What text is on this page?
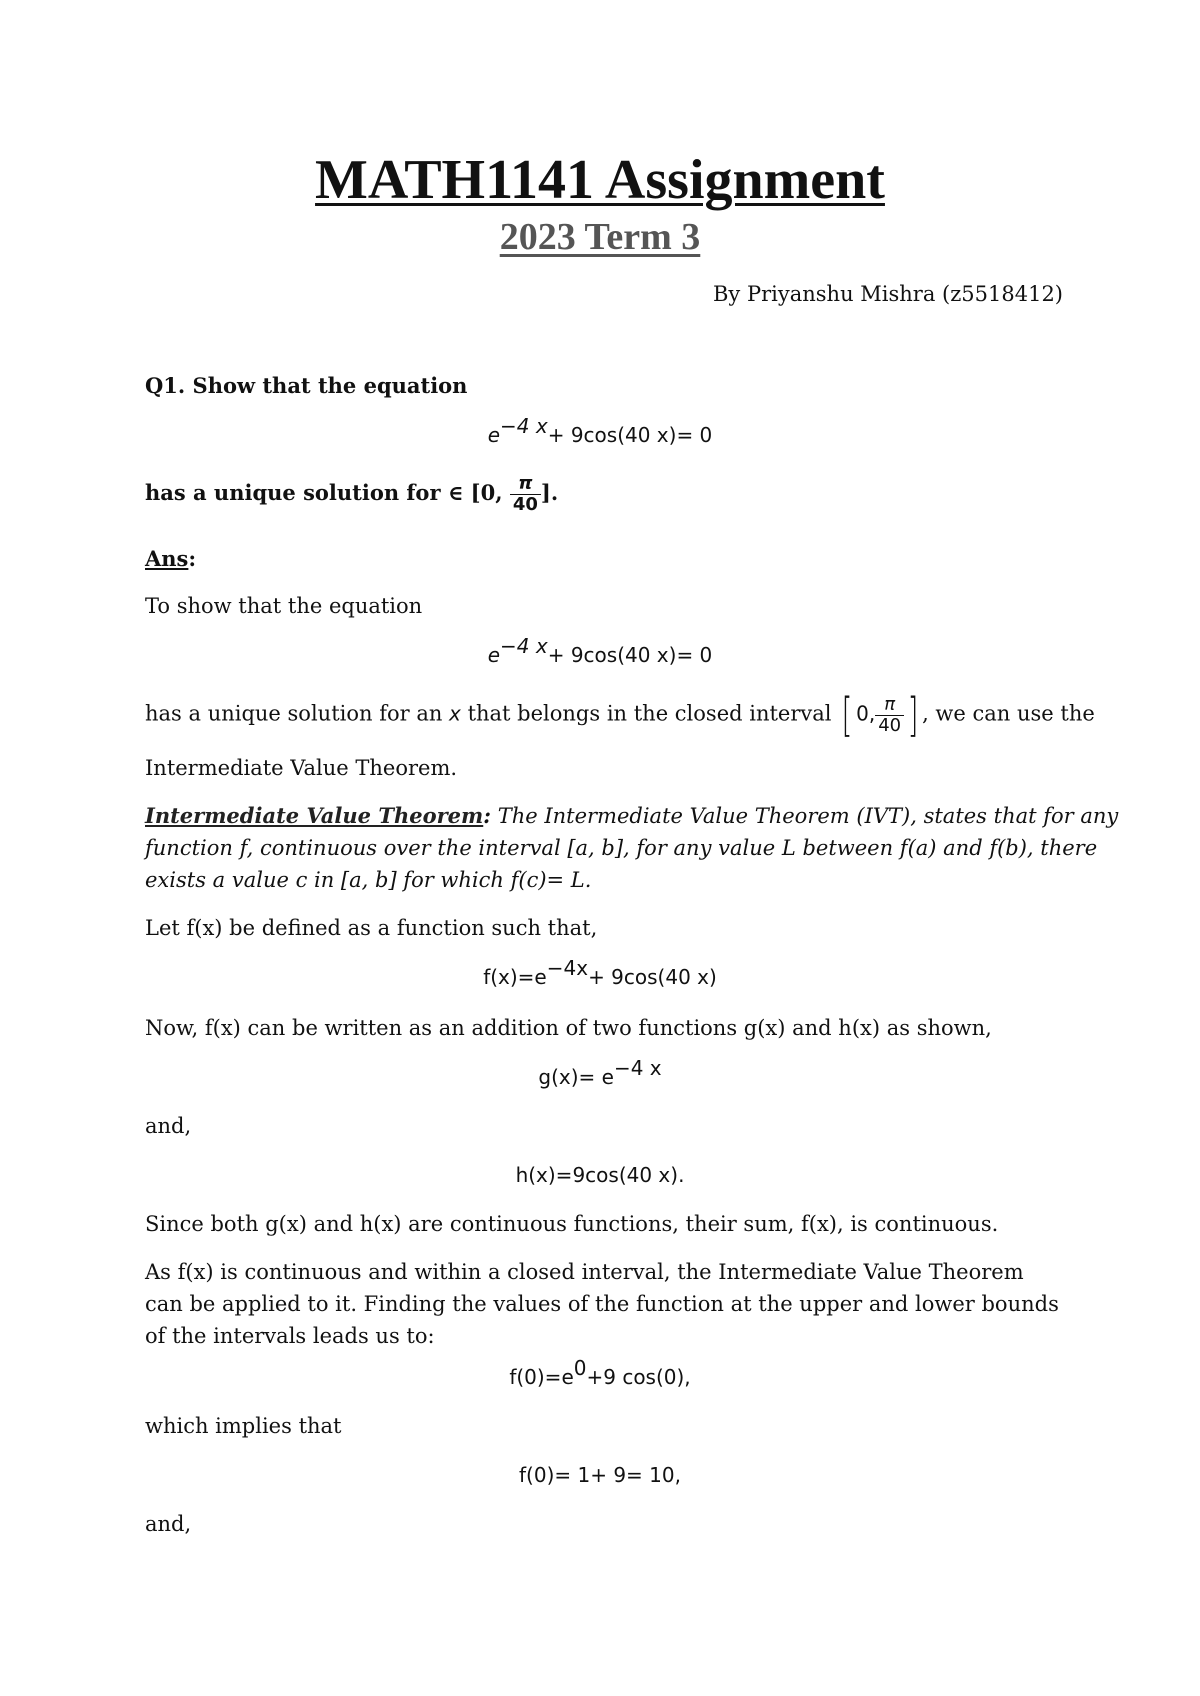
MATH1141 Assignment
2023 Term 3
By Priyanshu Mishra (z5518412)
Q1. Show that the equation
$e^{-4 x}+ 9\cos(40$ x)= 0
has a unique solution for ∈ [0, $\frac{\pi}{40}$ ].
Ans:
To show that the equation
$e^{-4 x}+ 9\cos(40$ x)= 0
has a unique solution for an x that belongs in the closed interval [ 0, $\frac{\pi}{40}$ ] , we can use the
Intermediate Value Theorem.
Intermediate Value Theorem: The Intermediate Value Theorem (IVT), states that for any
function f, continuous over the interval [a, b], for any value L between f(a) and f(b), there
exists a value c in [a, b] for which f(c)= L.
Let f(x) be defined as a function such that,
$f(x)=e^{-4x}+ 9\cos(40$ x)
Now, f(x) can be written as an addition of two functions g(x) and h(x) as shown,
$g(x)= e^{-4 x}$
and,
h(x)=9cos(40 x).
Since both g(x) and h(x) are continuous functions, their sum, f(x), is continuous.
As f(x) is continuous and within a closed interval, the Intermediate Value Theorem can be applied to it. Finding the values of the function at the upper and lower bounds of the intervals leads us to:
$f(0)=e^0+9$ cos(0),
which implies that
f(0)= 1+ 9= 10,
and,
